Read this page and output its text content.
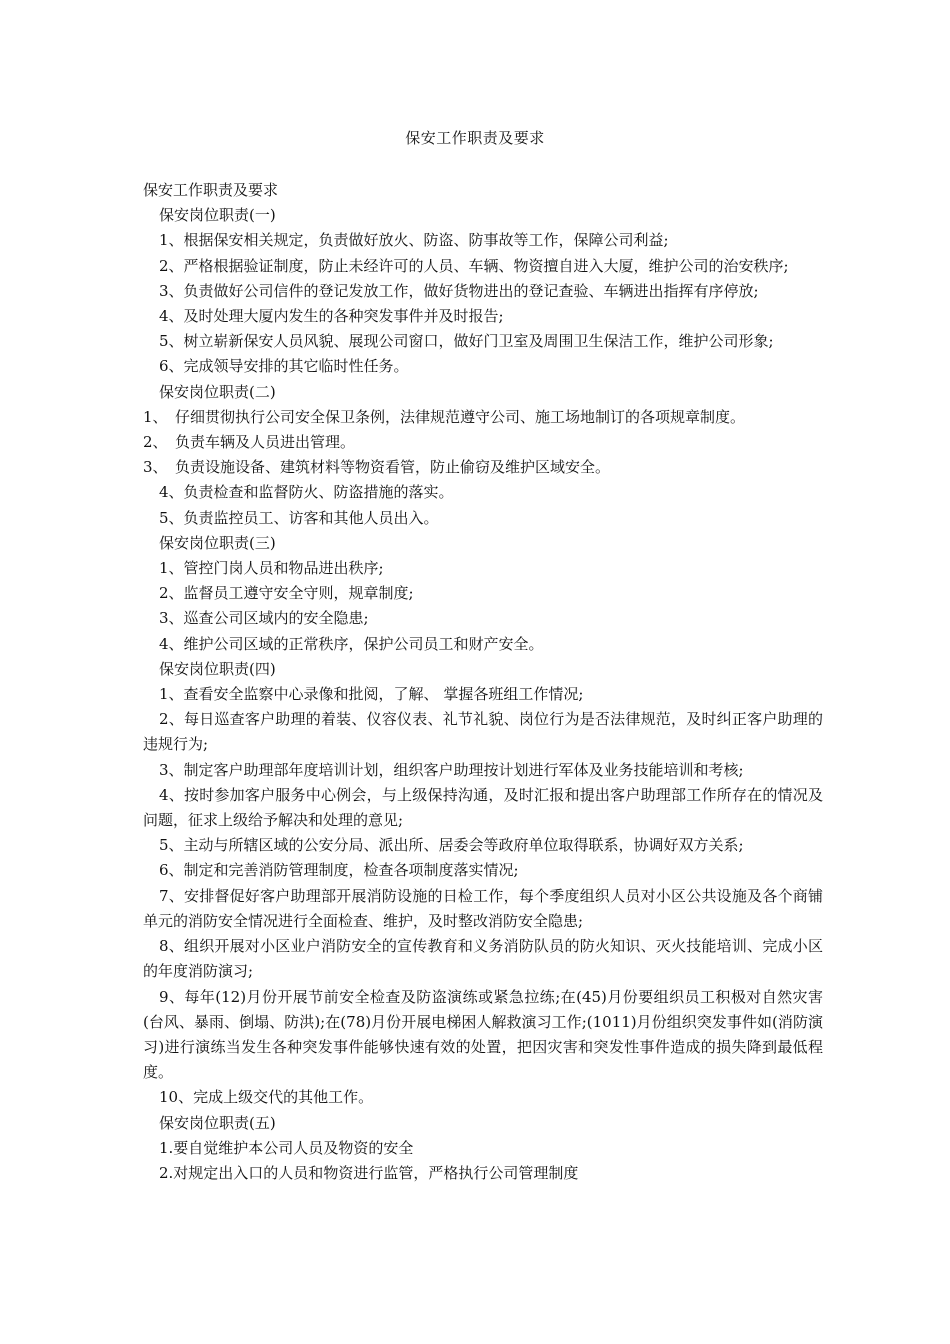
保安工作职责及要求

保安工作职责及要求

保安岗位职责(一)

1、根据保安相关规定，负责做好放火、防盗、防事故等工作，保障公司利益;

2、严格根据验证制度，防止未经许可的人员、车辆、物资擅自进入大厦，维护公司的治安秩序;

3、负责做好公司信件的登记发放工作，做好货物进出的登记查验、车辆进出指挥有序停放;

4、及时处理大厦内发生的各种突发事件并及时报告;

5、树立崭新保安人员风貌、展现公司窗口，做好门卫室及周围卫生保洁工作，维护公司形象;

6、完成领导安排的其它临时性任务。

保安岗位职责(二)

1、　仔细贯彻执行公司安全保卫条例，法律规范遵守公司、施工场地制订的各项规章制度。

2、　负责车辆及人员进出管理。

3、　负责设施设备、建筑材料等物资看管，防止偷窃及维护区域安全。

4、负责检查和监督防火、防盗措施的落实。

5、负责监控员工、访客和其他人员出入。

保安岗位职责(三)

1、管控门岗人员和物品进出秩序;

2、监督员工遵守安全守则，规章制度;

3、巡查公司区域内的安全隐患;

4、维护公司区域的正常秩序，保护公司员工和财产安全。

保安岗位职责(四)

1、查看安全监察中心录像和批阅，了解、 掌握各班组工作情况;

2、每日巡查客户助理的着装、仪容仪表、礼节礼貌、岗位行为是否法律规范，及时纠正客户助理的违规行为;

3、制定客户助理部年度培训计划，组织客户助理按计划进行军体及业务技能培训和考核;

4、按时参加客户服务中心例会，与上级保持沟通，及时汇报和提出客户助理部工作所存在的情况及问题，征求上级给予解决和处理的意见;

5、主动与所辖区域的公安分局、派出所、居委会等政府单位取得联系，协调好双方关系;

6、制定和完善消防管理制度，检查各项制度落实情况;

7、安排督促好客户助理部开展消防设施的日检工作，每个季度组织人员对小区公共设施及各个商铺单元的消防安全情况进行全面检查、维护，及时整改消防安全隐患;

8、组织开展对小区业户消防安全的宣传教育和义务消防队员的防火知识、灭火技能培训、完成小区的年度消防演习;

9、每年(12)月份开展节前安全检查及防盗演练或紧急拉练;在(45)月份要组织员工积极对自然灾害(台风、暴雨、倒塌、防洪);在(78)月份开展电梯困人解救演习工作;(1011)月份组织突发事件如(消防演习)进行演练当发生各种突发事件能够快速有效的处置，把因灾害和突发性事件造成的损失降到最低程度。

10、完成上级交代的其他工作。

保安岗位职责(五)

1.要自觉维护本公司人员及物资的安全

2.对规定出入口的人员和物资进行监管，严格执行公司管理制度
